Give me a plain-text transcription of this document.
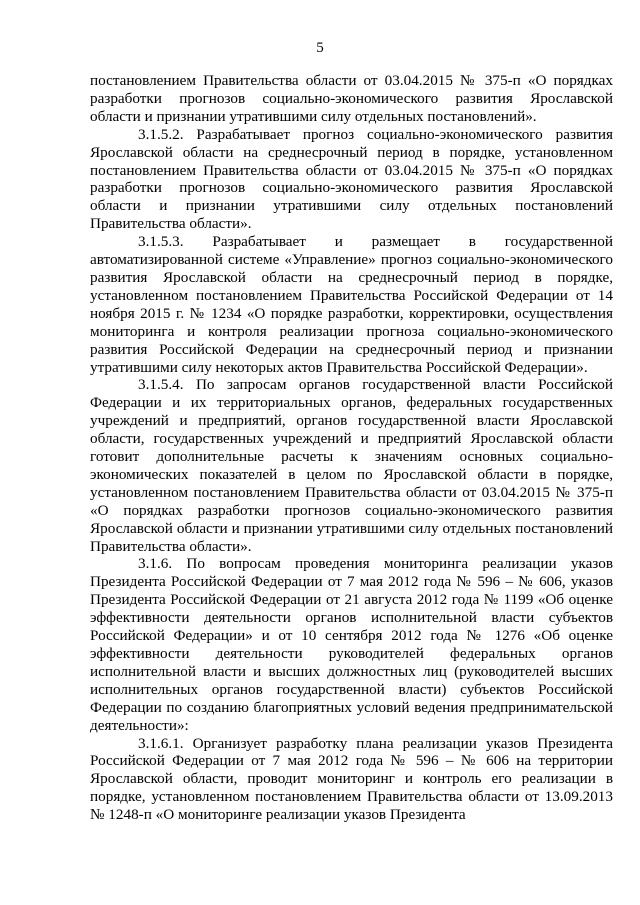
5

постановлением Правительства области от 03.04.2015 № 375-п «О порядках разработки прогнозов социально-экономического развития Ярославской области и признании утратившими силу отдельных постановлений».

3.1.5.2. Разрабатывает прогноз социально-экономического развития Ярославской области на среднесрочный период в порядке, установленном постановлением Правительства области от 03.04.2015 № 375-п «О порядках разработки прогнозов социально-экономического развития Ярославской области и признании утратившими силу отдельных постановлений Правительства области».

3.1.5.3. Разрабатывает и размещает в государственной автоматизированной системе «Управление» прогноз социально-экономического развития Ярославской области на среднесрочный период в порядке, установленном постановлением Правительства Российской Федерации от 14 ноября 2015 г. № 1234 «О порядке разработки, корректировки, осуществления мониторинга и контроля реализации прогноза социально-экономического развития Российской Федерации на среднесрочный период и признании утратившими силу некоторых актов Правительства Российской Федерации».

3.1.5.4. По запросам органов государственной власти Российской Федерации и их территориальных органов, федеральных государственных учреждений и предприятий, органов государственной власти Ярославской области, государственных учреждений и предприятий Ярославской области готовит дополнительные расчеты к значениям основных социально-экономических показателей в целом по Ярославской области в порядке, установленном постановлением Правительства области от 03.04.2015 № 375-п «О порядках разработки прогнозов социально-экономического развития Ярославской области и признании утратившими силу отдельных постановлений Правительства области».

3.1.6. По вопросам проведения мониторинга реализации указов Президента Российской Федерации от 7 мая 2012 года № 596 – № 606, указов Президента Российской Федерации от 21 августа 2012 года № 1199 «Об оценке эффективности деятельности органов исполнительной власти субъектов Российской Федерации» и от 10 сентября 2012 года № 1276 «Об оценке эффективности деятельности руководителей федеральных органов исполнительной власти и высших должностных лиц (руководителей высших исполнительных органов государственной власти) субъектов Российской Федерации по созданию благоприятных условий ведения предпринимательской деятельности»:

3.1.6.1. Организует разработку плана реализации указов Президента Российской Федерации от 7 мая 2012 года № 596 – № 606 на территории Ярославской области, проводит мониторинг и контроль его реализации в порядке, установленном постановлением Правительства области от 13.09.2013 № 1248-п «О мониторинге реализации указов Президента
